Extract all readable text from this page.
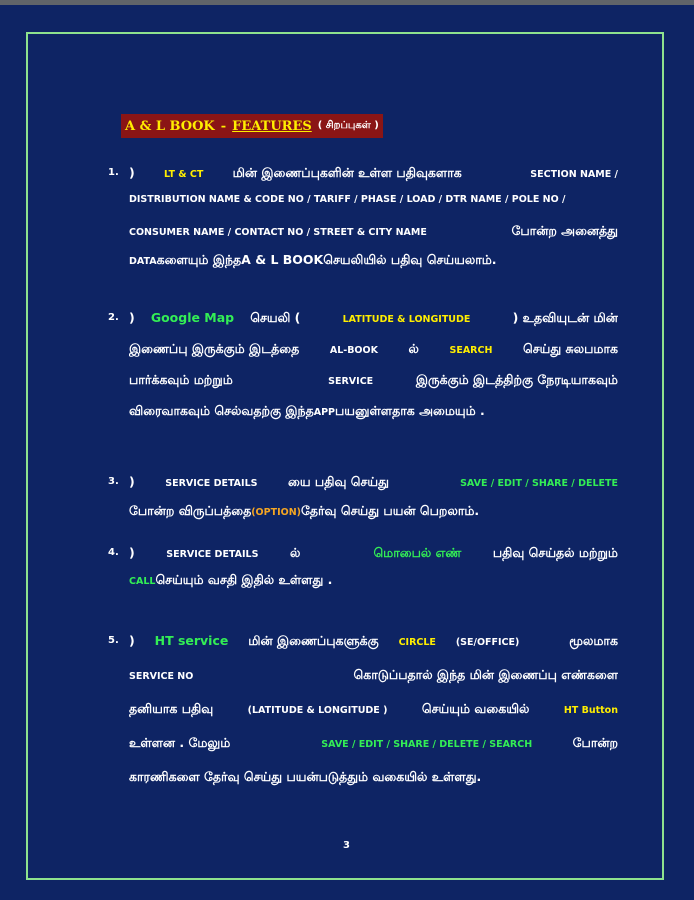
A & L BOOK - FEATURES ( சிறப்புகள் )
1. )	LT & CT மின் இணைப்புகளின் உள்ள பதிவுகளாக	SECTION NAME /
DISTRIBUTION NAME & CODE NO / TARIFF / PHASE / LOAD / DTR NAME / POLE NO /
CONSUMER NAME / CONTACT NO / STREET & CITY NAME	போன்ற அனைத்து
DATA களையும் இந்த A & L BOOK செயலியில் பதிவு செய்யலாம்.
2. ) Google Map செயலி (	LATITUDE & LONGITUDE	) உதவியுடன் மின்
இணைப்பு இருக்கும் இடத்தை	AL-BOOK ல்	SEARCH செய்து சுலபமாக
பார்க்கவும் மற்றும்	SERVICE	இருக்கும் இடத்திற்கு நேரடியாகவும்
விரைவாகவும் செல்வதற்கு இந்த APP பயனுள்ளதாக அமையும் .
3. )	SERVICE DETAILS யை பதிவு செய்து	SAVE / EDIT / SHARE / DELETE
போன்ற விருப்பத்தை (OPTION) தேர்வு செய்து பயன் பெறலாம்.
4. )	SERVICE DETAILS	ல்	மொபைல் எண்	பதிவு செய்தல் மற்றும்
CALL செய்யும் வசதி இதில் உள்ளது .
5. ) HT service மின் இணைப்புகளுக்கு CIRCLE (SE/OFFICE)	மூலமாக
SERVICE NO	கொடுப்பதால் இந்த மின் இணைப்பு எண்களை
தனியாக பதிவு	(LATITUDE & LONGITUDE )	செய்யும் வகையில்	HT Button
உள்ளன . மேலும்	SAVE / EDIT / SHARE / DELETE / SEARCH	போன்ற
காரணிகளை தேர்வு செய்து பயன்படுத்தும் வகையில் உள்ளது.
3
